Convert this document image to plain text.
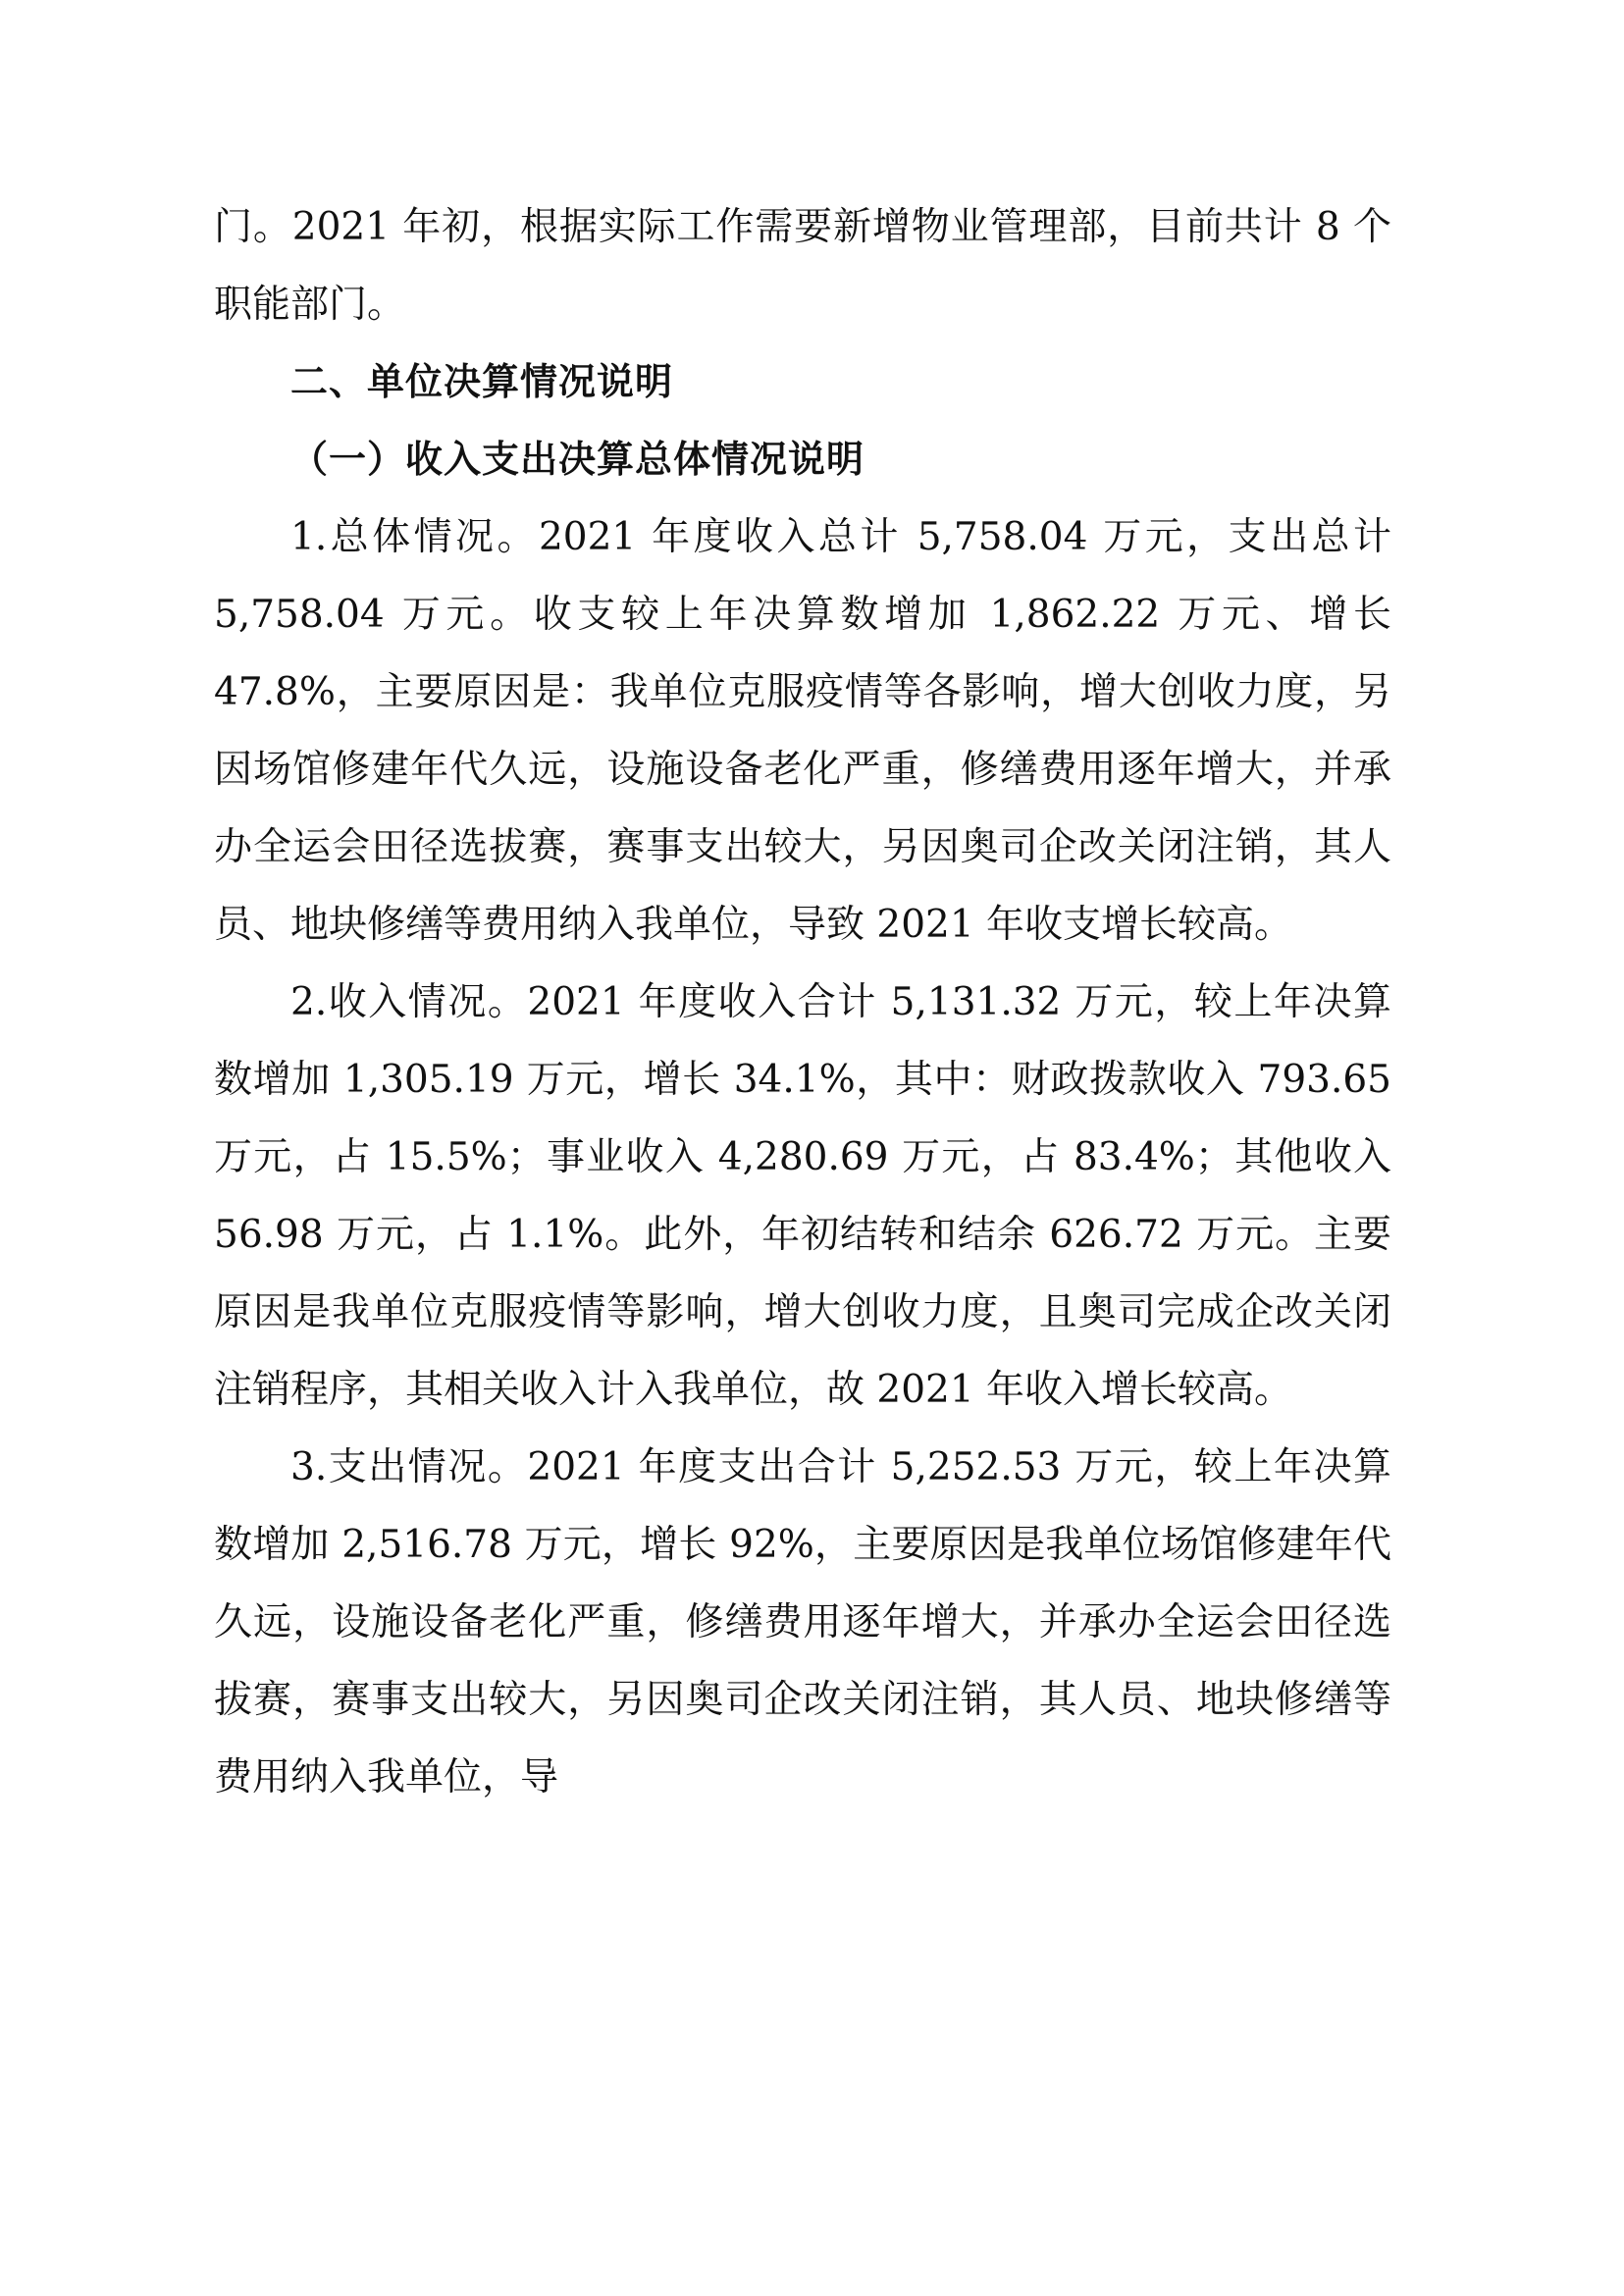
门。2021 年初，根据实际工作需要新增物业管理部，目前共计 8 个职能部门。

二、单位决算情况说明

（一）收入支出决算总体情况说明

1.总体情况。2021 年度收入总计 5,758.04 万元，支出总计 5,758.04 万元。收支较上年决算数增加 1,862.22 万元、增长 47.8%，主要原因是：我单位克服疫情等各影响，增大创收力度，另因场馆修建年代久远，设施设备老化严重，修缮费用逐年增大，并承办全运会田径选拔赛，赛事支出较大，另因奥司企改关闭注销，其人员、地块修缮等费用纳入我单位，导致 2021 年收支增长较高。

2.收入情况。2021 年度收入合计 5,131.32 万元，较上年决算数增加 1,305.19 万元，增长 34.1%，其中：财政拨款收入 793.65 万元，占 15.5%；事业收入 4,280.69 万元，占 83.4%；其他收入 56.98 万元，占 1.1%。此外，年初结转和结余 626.72 万元。主要原因是我单位克服疫情等影响，增大创收力度，且奥司完成企改关闭注销程序，其相关收入计入我单位，故 2021 年收入增长较高。

3.支出情况。2021 年度支出合计 5,252.53 万元，较上年决算数增加 2,516.78 万元，增长 92%，主要原因是我单位场馆修建年代久远，设施设备老化严重，修缮费用逐年增大，并承办全运会田径选拔赛，赛事支出较大，另因奥司企改关闭注销，其人员、地块修缮等费用纳入我单位，导
